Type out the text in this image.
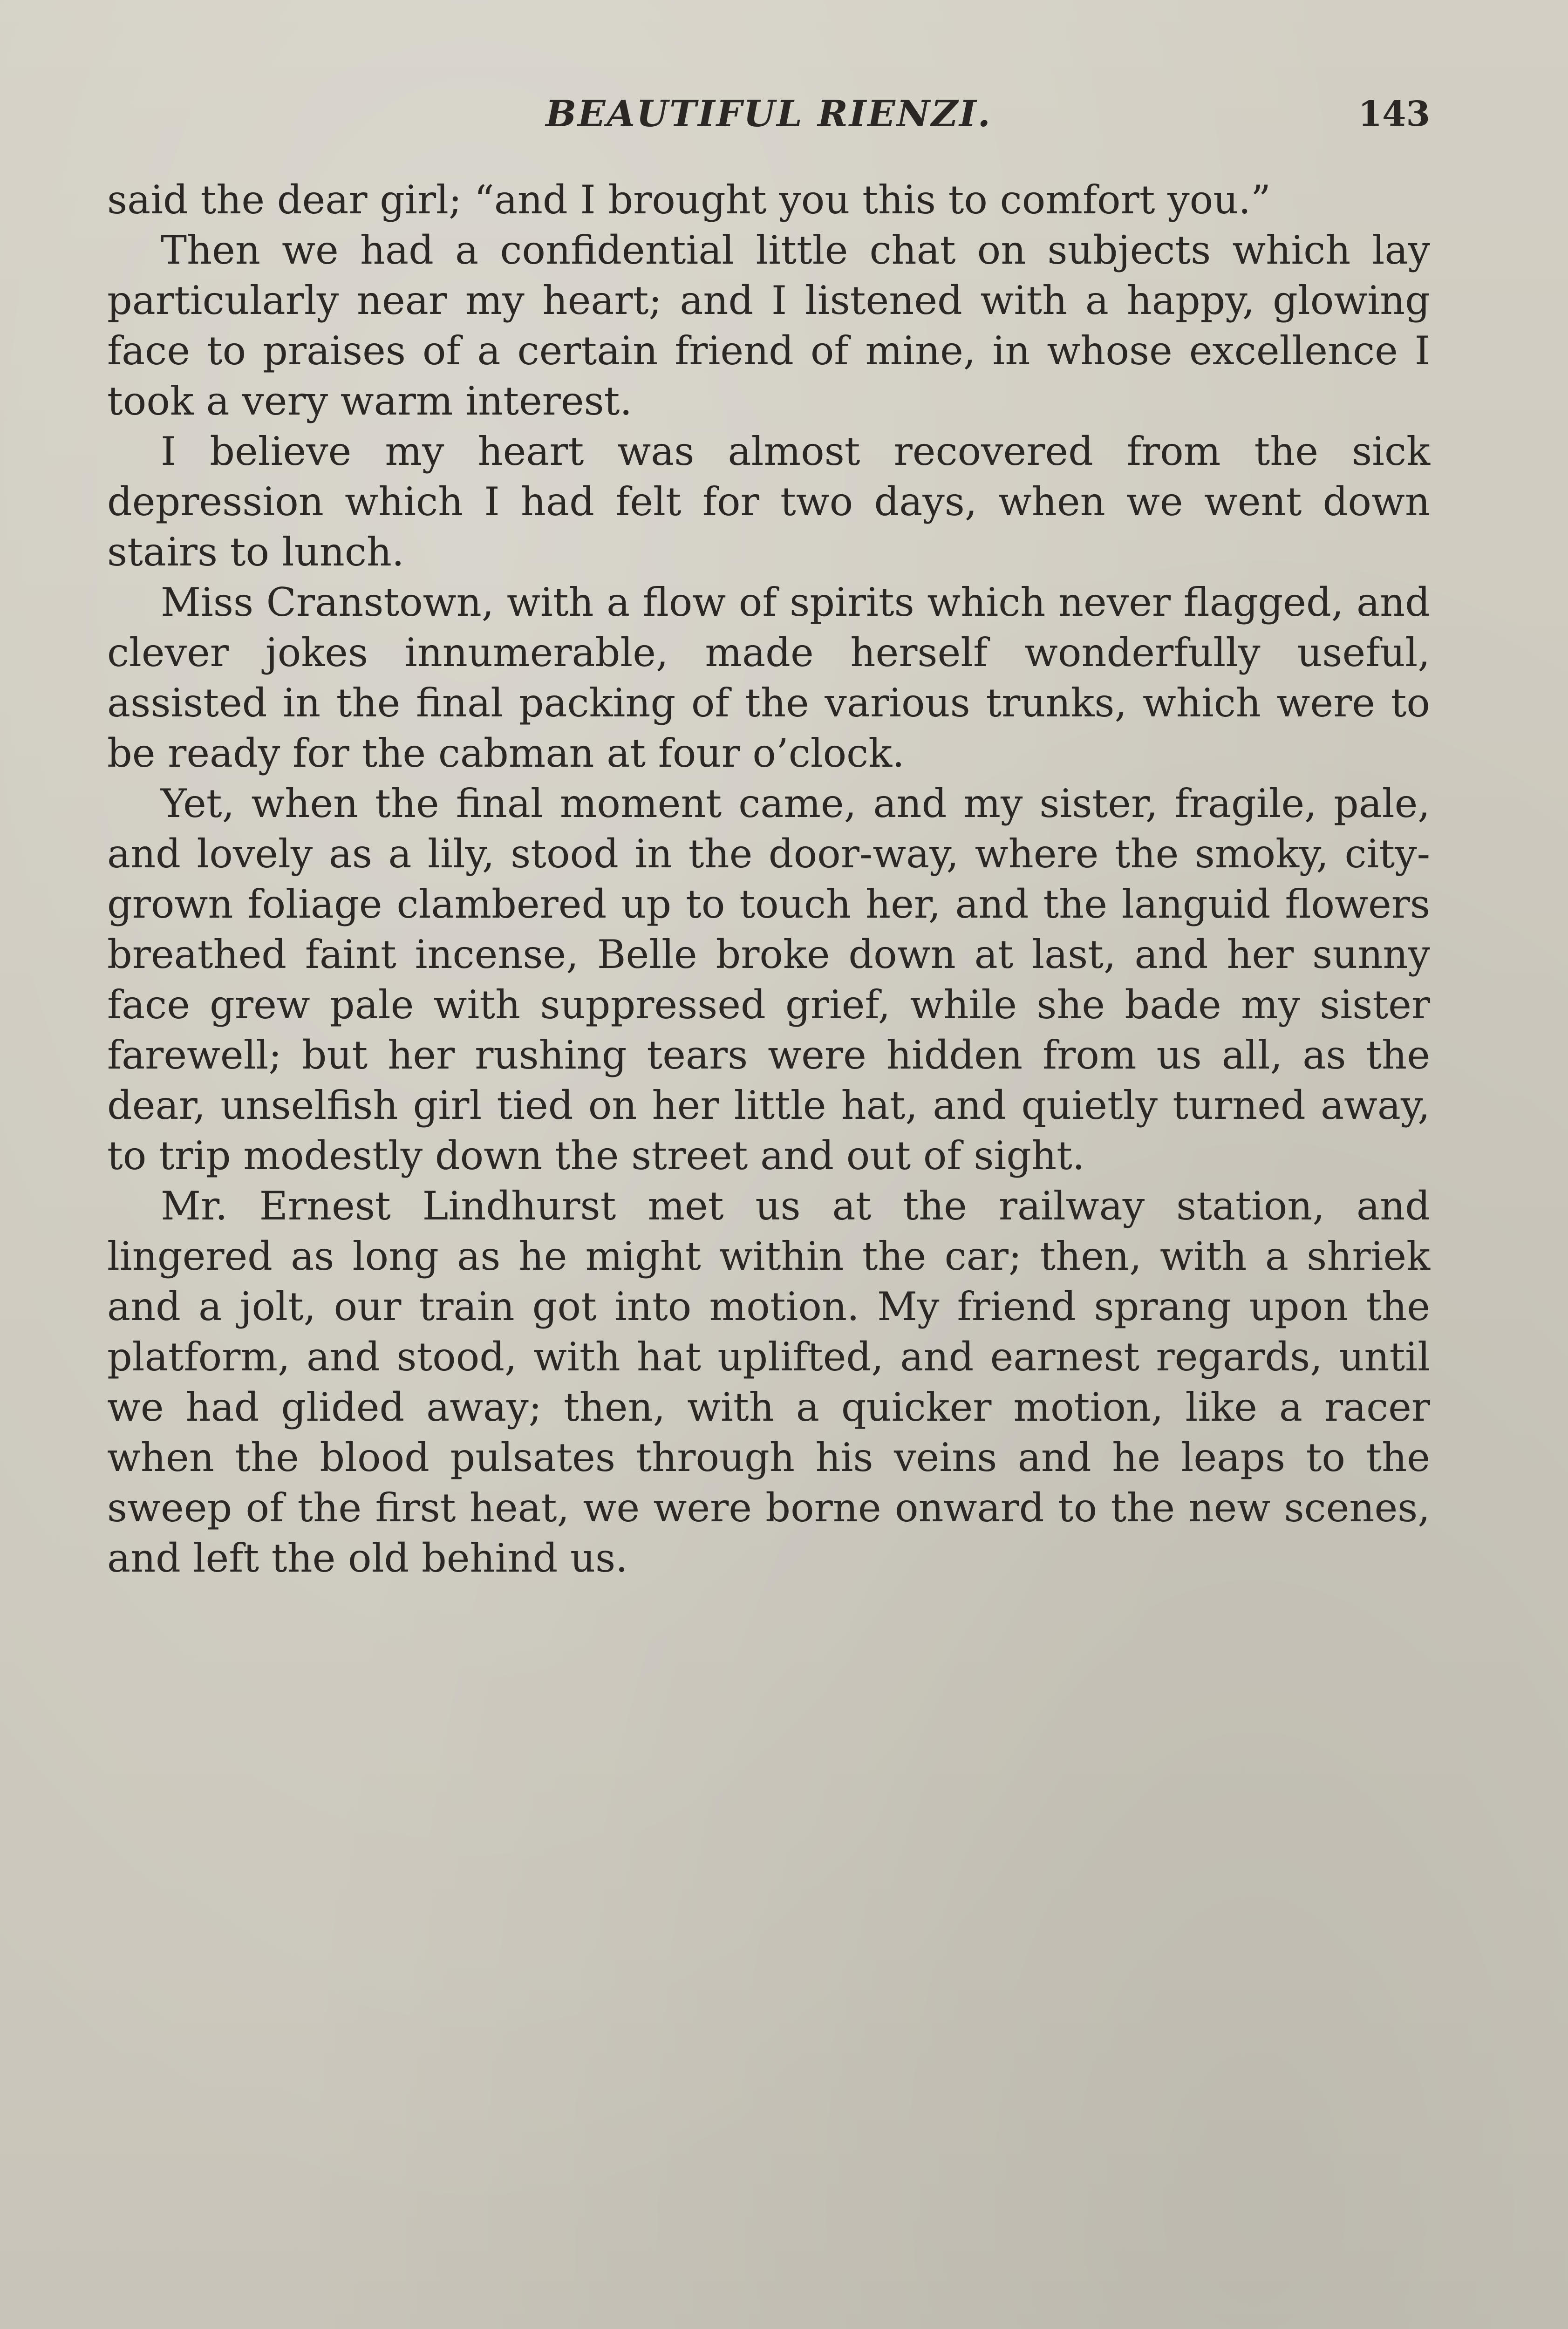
BEAUTIFUL RIENZI.	143

said the dear girl; “and I brought you this to comfort you.”

Then we had a confidential little chat on subjects which lay particularly near my heart; and I listened with a happy, glowing face to praises of a certain friend of mine, in whose excellence I took a very warm interest.

I believe my heart was almost recovered from the sick depression which I had felt for two days, when we went down stairs to lunch.

Miss Cranstown, with a flow of spirits which never flagged, and clever jokes innumerable, made herself wonderfully useful, assisted in the final packing of the various trunks, which were to be ready for the cabman at four o’clock.

Yet, when the final moment came, and my sister, fragile, pale, and lovely as a lily, stood in the door-way, where the smoky, city-grown foliage clambered up to touch her, and the languid flowers breathed faint incense, Belle broke down at last, and her sunny face grew pale with suppressed grief, while she bade my sister farewell; but her rushing tears were hidden from us all, as the dear, unselfish girl tied on her little hat, and quietly turned away, to trip modestly down the street and out of sight.

Mr. Ernest Lindhurst met us at the railway station, and lingered as long as he might within the car; then, with a shriek and a jolt, our train got into motion. My friend sprang upon the platform, and stood, with hat uplifted, and earnest regards, until we had glided away; then, with a quicker motion, like a racer when the blood pulsates through his veins and he leaps to the sweep of the first heat, we were borne onward to the new scenes, and left the old behind us.
